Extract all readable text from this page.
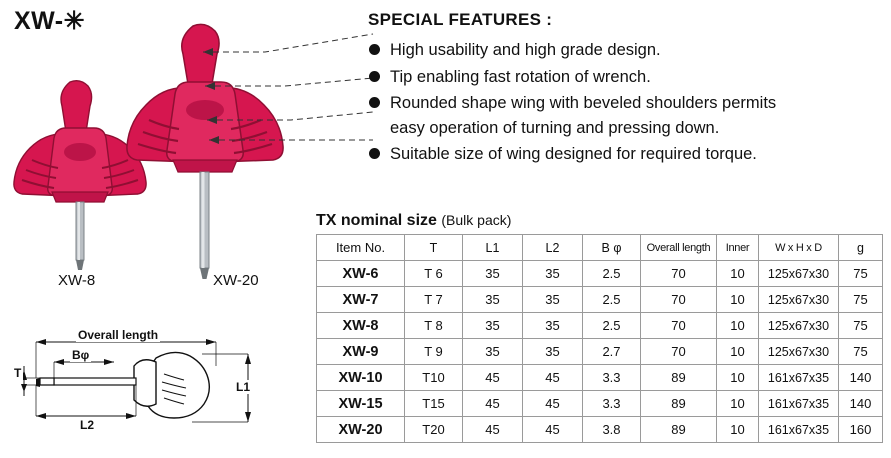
XW-✳
XW-8	XW-20
SPECIAL FEATURES :
High usability and high grade design.
Tip enabling fast rotation of wrench.
Rounded shape wing with beveled shoulders permits
easy operation of turning and pressing down.
Suitable size of wing designed for required torque.
Overall length
Bφ
T
L1
L2
TX nominal size (Bulk pack)
Item No.	T	L1	L2	B φ	Overall length	Inner	W x H x D	g
XW-6	T 6	35	35	2.5	70	10	125x67x30	75
XW-7	T 7	35	35	2.5	70	10	125x67x30	75
XW-8	T 8	35	35	2.5	70	10	125x67x30	75
XW-9	T 9	35	35	2.7	70	10	125x67x30	75
XW-10	T10	45	45	3.3	89	10	161x67x35	140
XW-15	T15	45	45	3.3	89	10	161x67x35	140
XW-20	T20	45	45	3.8	89	10	161x67x35	160
